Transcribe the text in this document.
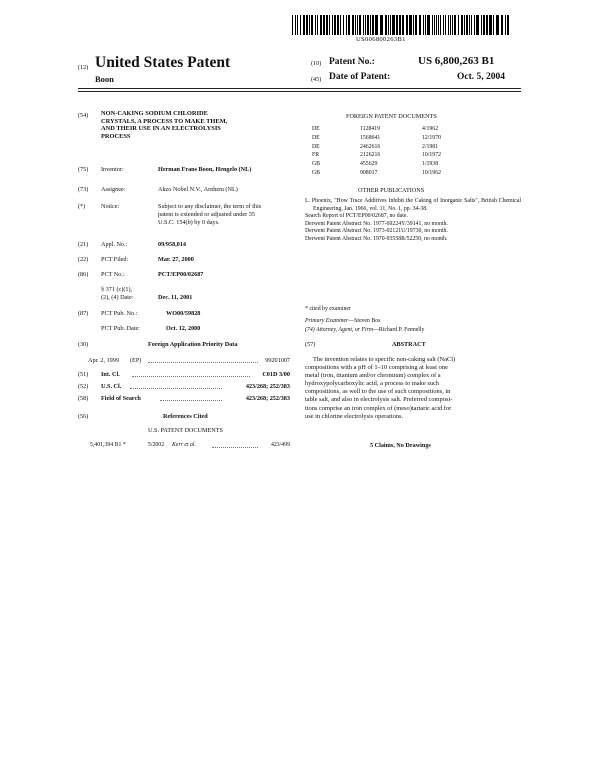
US006800263B1
(12) United States Patent
Boon
(10) Patent No.:	US 6,800,263 B1
(45) Date of Patent:	Oct. 5, 2004
(54)	NON-CAKING SODIUM CHLORIDE
CRYSTALS, A PROCESS TO MAKE THEM,
AND THEIR USE IN AN ELECTROLYSIS
PROCESS
(75)	Inventor:	Herman Frans Boon, Hengelo (NL)
(73)	Assignee:	Akzo Nobel N.V., Arnhem (NL)
(*)	Notice:	Subject to any disclaimer, the term of this
patent is extended or adjusted under 35
U.S.C. 154(b) by 0 days.
(21)	Appl. No.:	09/958,014
(22)	PCT Filed:	Mar. 27, 2000
(86)	PCT No.:	PCT/EP00/02687
§ 371 (c)(1),
(2), (4) Date:	Dec. 11, 2001
(87)	PCT Pub. No.:	WO00/59828
PCT Pub. Date:	Oct. 12, 2000
(30)	Foreign Application Priority Data
Apr. 2, 1999 (EP)	99201007
(51)	Int. Cl.	C01D 3/00
(52)	U.S. Cl.	423/268; 252/383
(58)	Field of Search	423/268; 252/383
(56)	References Cited
U.S. PATENT DOCUMENTS
5,401,394 B1 *	5/2002 Kerr et al.	423/499
FOREIGN PATENT DOCUMENTS
DE	1128419	4/1962
DE	1568641	12/1970
DE	2462616	2/1981
FR	2126216	10/1972
GB	455629	1/1938
GB	908017	10/1962
OTHER PUBLICATIONS
L. Phoenix, "How Trace Additives Inhibit the Caking of Inorganic Salts", British Chemical Engineering, Jan. 1966, vol. 11, No. 1, pp. 34-38.
Search Report of PCT/EP00/02687, no date.
Derwent Patent Abstract No. 1977-69224Y/39141, no month.
Derwent Patent Abstract No. 1973-02121U/19730, no month.
Derwent Patent Abstract No. 1970-93558R/52250, no month.
* cited by examiner
Primary Examiner—Steven Bos
(74) Attorney, Agent, or Firm—Richard P. Fennelly
(57)	ABSTRACT
The invention relates to specific non-caking salt (NaCl)
compositions with a pH of 1–10 comprising at least one
metal (iron, titanium and/or chromium) complex of a
hydroxypolycarboxylic acid, a process to make such
compositions, as well to the use of such compositions, in
table salt, and also in electrolysis salt. Preferred composi-
tions comprise an iron complex of (meso)tartaric acid for
use in chlorine electrolysis operations.
5 Claims, No Drawings
